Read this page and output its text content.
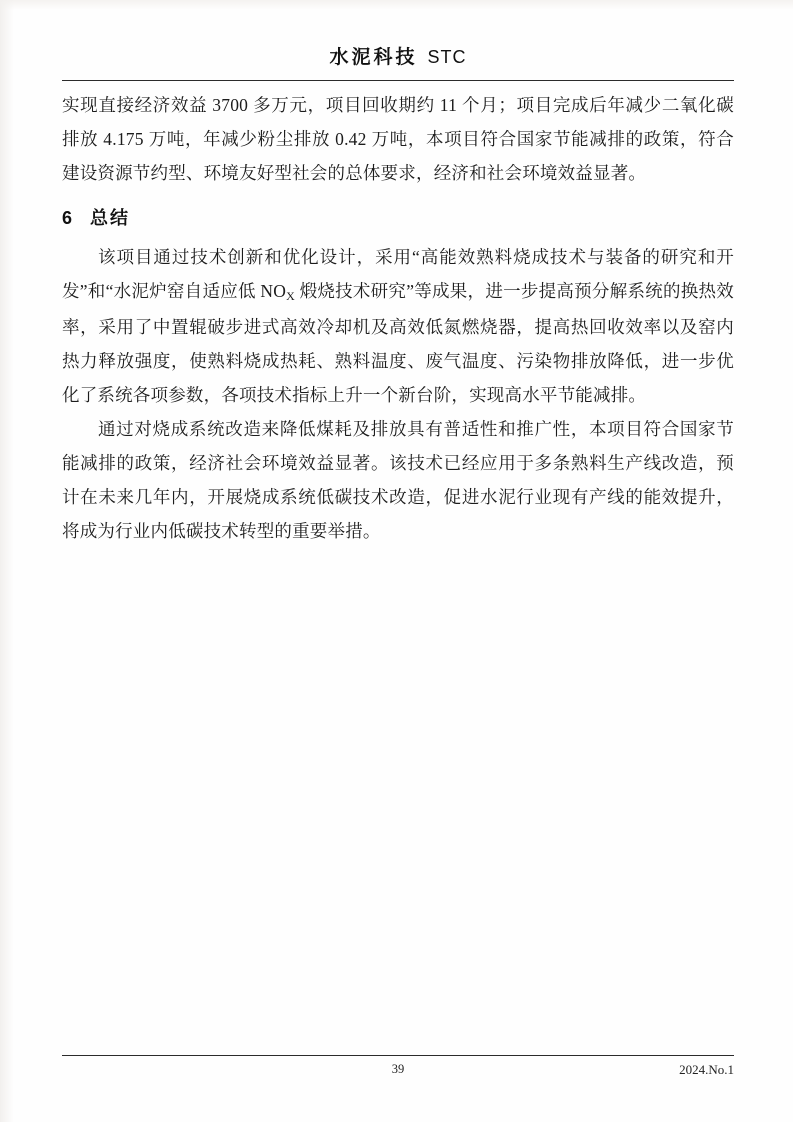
水泥科技 STC

实现直接经济效益 3700 多万元，项目回收期约 11 个月；项目完成后年减少二氧化碳排放 4.175 万吨，年减少粉尘排放 0.42 万吨，本项目符合国家节能减排的政策，符合建设资源节约型、环境友好型社会的总体要求，经济和社会环境效益显著。

6 总结

该项目通过技术创新和优化设计，采用“高能效熟料烧成技术与装备的研究和开发”和“水泥炉窑自适应低 $NO_X$ 煅烧技术研究”等成果，进一步提高预分解系统的换热效率，采用了中置辊破步进式高效冷却机及高效低氮燃烧器，提高热回收效率以及窑内热力释放强度，使熟料烧成热耗、熟料温度、废气温度、污染物排放降低，进一步优化了系统各项参数，各项技术指标上升一个新台阶，实现高水平节能减排。

通过对烧成系统改造来降低煤耗及排放具有普适性和推广性，本项目符合国家节能减排的政策，经济社会环境效益显著。该技术已经应用于多条熟料生产线改造，预计在未来几年内，开展烧成系统低碳技术改造，促进水泥行业现有产线的能效提升，将成为行业内低碳技术转型的重要举措。

39	2024.No.1
